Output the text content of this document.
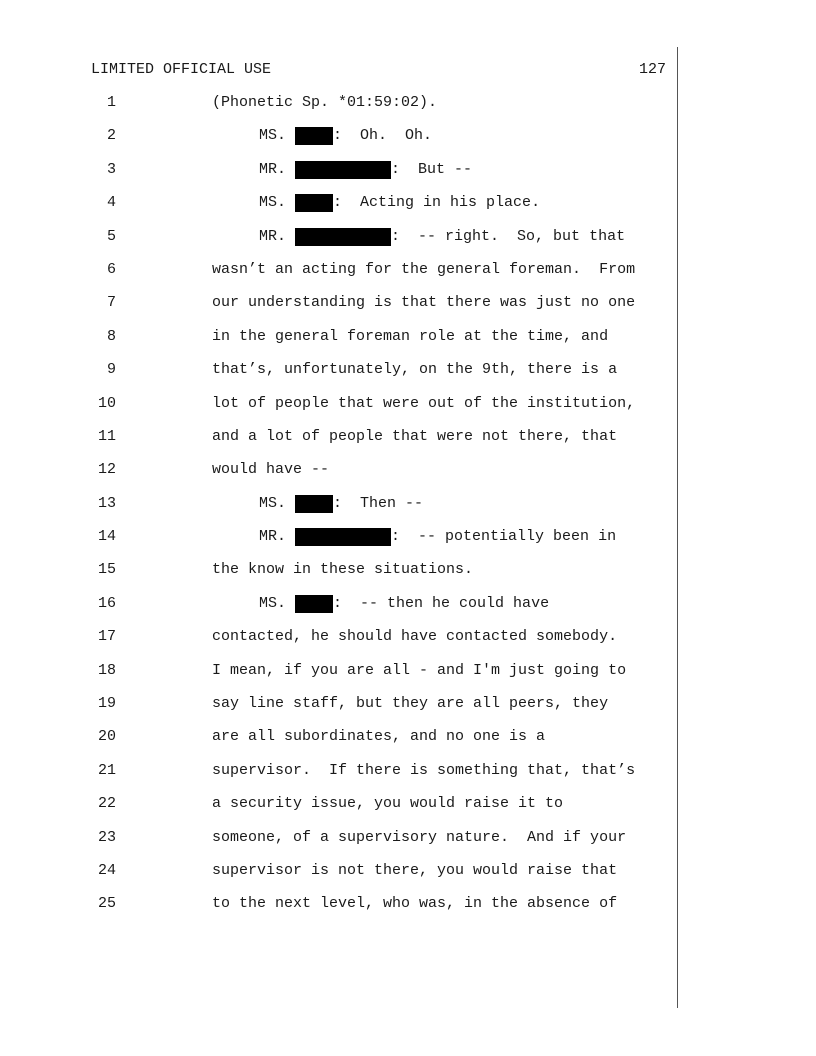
LIMITED OFFICIAL USE	127
1	(Phonetic Sp. *01:59:02).
2	MS.	:  Oh.  Oh.
3	MR.	:  But --
4	MS.	:  Acting in his place.
5	MR.	:  -- right.  So, but that
6	wasn’t an acting for the general foreman.  From
7	our understanding is that there was just no one
8	in the general foreman role at the time, and
9	that’s, unfortunately, on the 9th, there is a
10	lot of people that were out of the institution,
11	and a lot of people that were not there, that
12	would have --
13	MS.	:  Then --
14	MR.	:  -- potentially been in
15	the know in these situations.
16	MS.	:  -- then he could have
17	contacted, he should have contacted somebody.
18	I mean, if you are all - and I'm just going to
19	say line staff, but they are all peers, they
20	are all subordinates, and no one is a
21	supervisor.  If there is something that, that’s
22	a security issue, you would raise it to
23	someone, of a supervisory nature.  And if your
24	supervisor is not there, you would raise that
25	to the next level, who was, in the absence of
